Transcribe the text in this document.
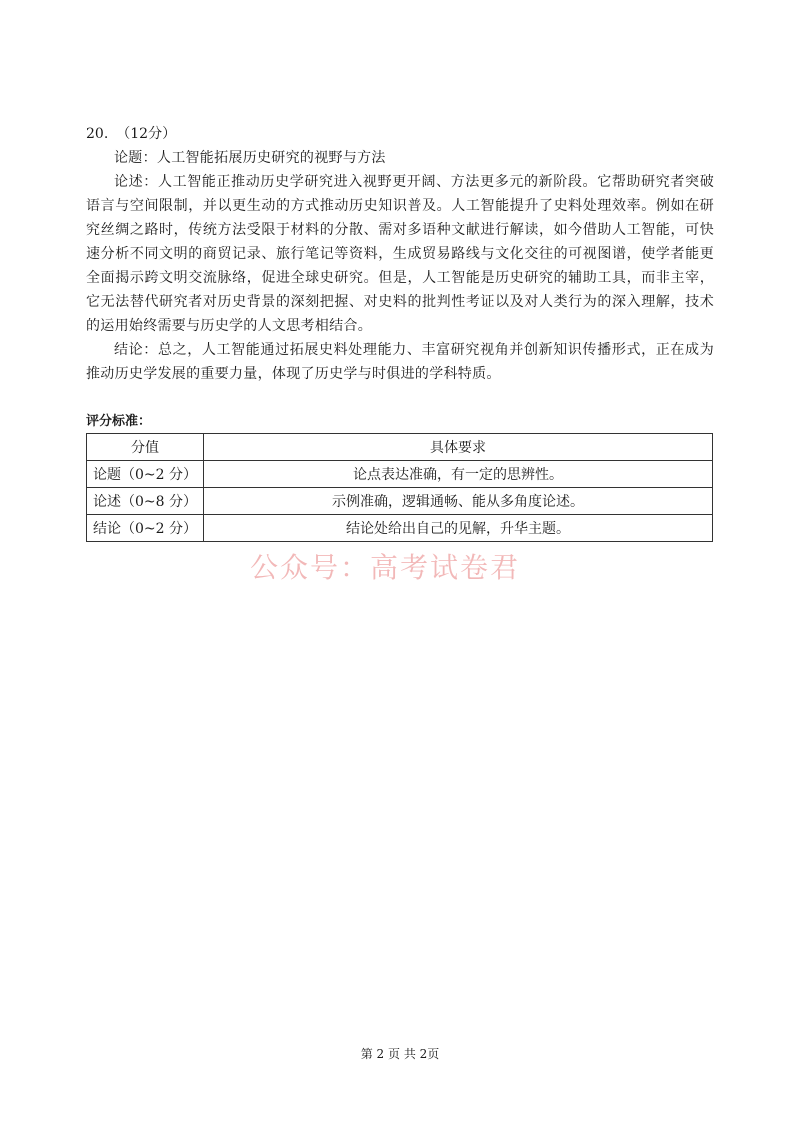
20. （12分）
论题：人工智能拓展历史研究的视野与方法
论述：人工智能正推动历史学研究进入视野更开阔、方法更多元的新阶段。它帮助研究者突破语言与空间限制，并以更生动的方式推动历史知识普及。人工智能提升了史料处理效率。例如在研究丝绸之路时，传统方法受限于材料的分散、需对多语种文献进行解读，如今借助人工智能，可快速分析不同文明的商贸记录、旅行笔记等资料，生成贸易路线与文化交往的可视图谱，使学者能更全面揭示跨文明交流脉络，促进全球史研究。但是，人工智能是历史研究的辅助工具，而非主宰，它无法替代研究者对历史背景的深刻把握、对史料的批判性考证以及对人类行为的深入理解，技术的运用始终需要与历史学的人文思考相结合。
结论：总之，人工智能通过拓展史料处理能力、丰富研究视角并创新知识传播形式，正在成为推动历史学发展的重要力量，体现了历史学与时俱进的学科特质。
评分标准：
分值	具体要求
论题（0~2 分）	论点表达准确，有一定的思辨性。
论述（0~8 分）	示例准确，逻辑通畅、能从多角度论述。
结论（0~2 分）	结论处给出自己的见解，升华主题。
公众号：高考试卷君
第 2 页 共 2页
